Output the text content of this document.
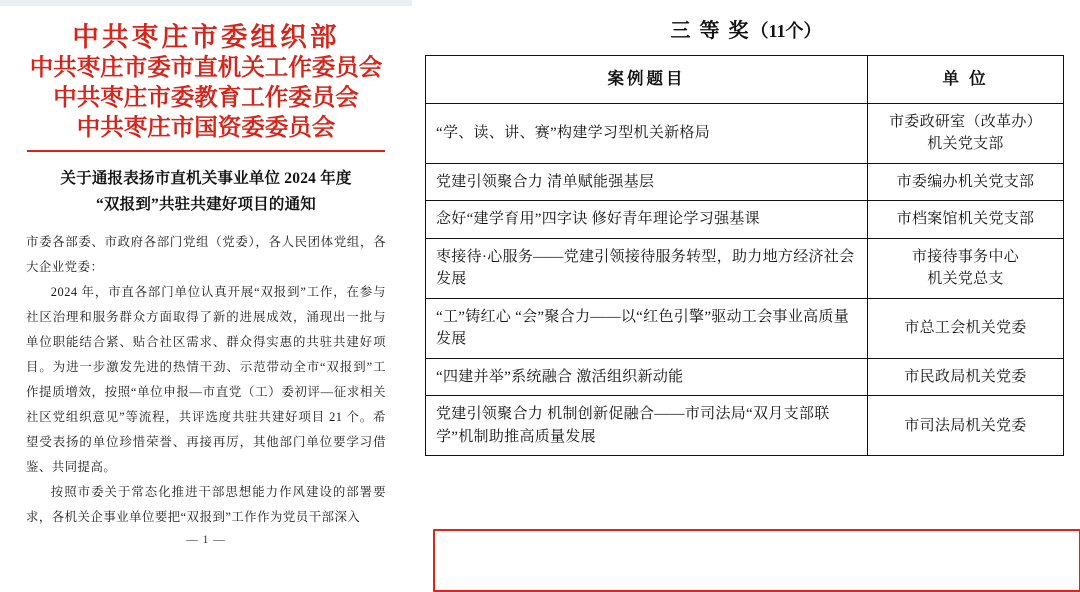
中共枣庄市委组织部
中共枣庄市委市直机关工作委员会
中共枣庄市委教育工作委员会
中共枣庄市国资委委员会
关于通报表扬市直机关事业单位 2024 年度
“双报到”共驻共建好项目的通知

市委各部委、市政府各部门党组（党委），各人民团体党组，各大企业党委：

2024 年，市直各部门单位认真开展“双报到”工作，在参与社区治理和服务群众方面取得了新的进展成效，涌现出一批与单位职能结合紧、贴合社区需求、群众得实惠的共驻共建好项目。为进一步激发先进的热情干劲、示范带动全市“双报到”工作提质增效，按照“单位申报—市直党（工）委初评—征求相关社区党组织意见”等流程，共评选度共驻共建好项目 21 个。希望受表扬的单位珍惜荣誉、再接再厉，其他部门单位要学习借鉴、共同提高。

按照市委关于常态化推进干部思想能力作风建设的部署要求，各机关企事业单位要把“双报到”工作作为党员干部深入

— 1 —
三 等 奖（11个）
案例题目	单 位
“学、读、讲、赛”构建学习型机关新格局	市委政研室（改革办）
机关党支部

党建引领聚合力 清单赋能强基层	市委编办机关党支部

念好“建学育用”四字诀 修好青年理论学习强基课	市档案馆机关党支部

枣接待·心服务——党建引领接待服务转型，助力地方经济社会发展	市接待事务中心
机关党总支

“工”铸红心 “会”聚合力——以“红色引擎”驱动工会事业高质量发展	市总工会机关党委

“四建并举”系统融合 激活组织新动能	市民政局机关党委

党建引领聚合力 机制创新促融合——市司法局“双月支部联学”机制助推高质量发展	市司法局机关党委
